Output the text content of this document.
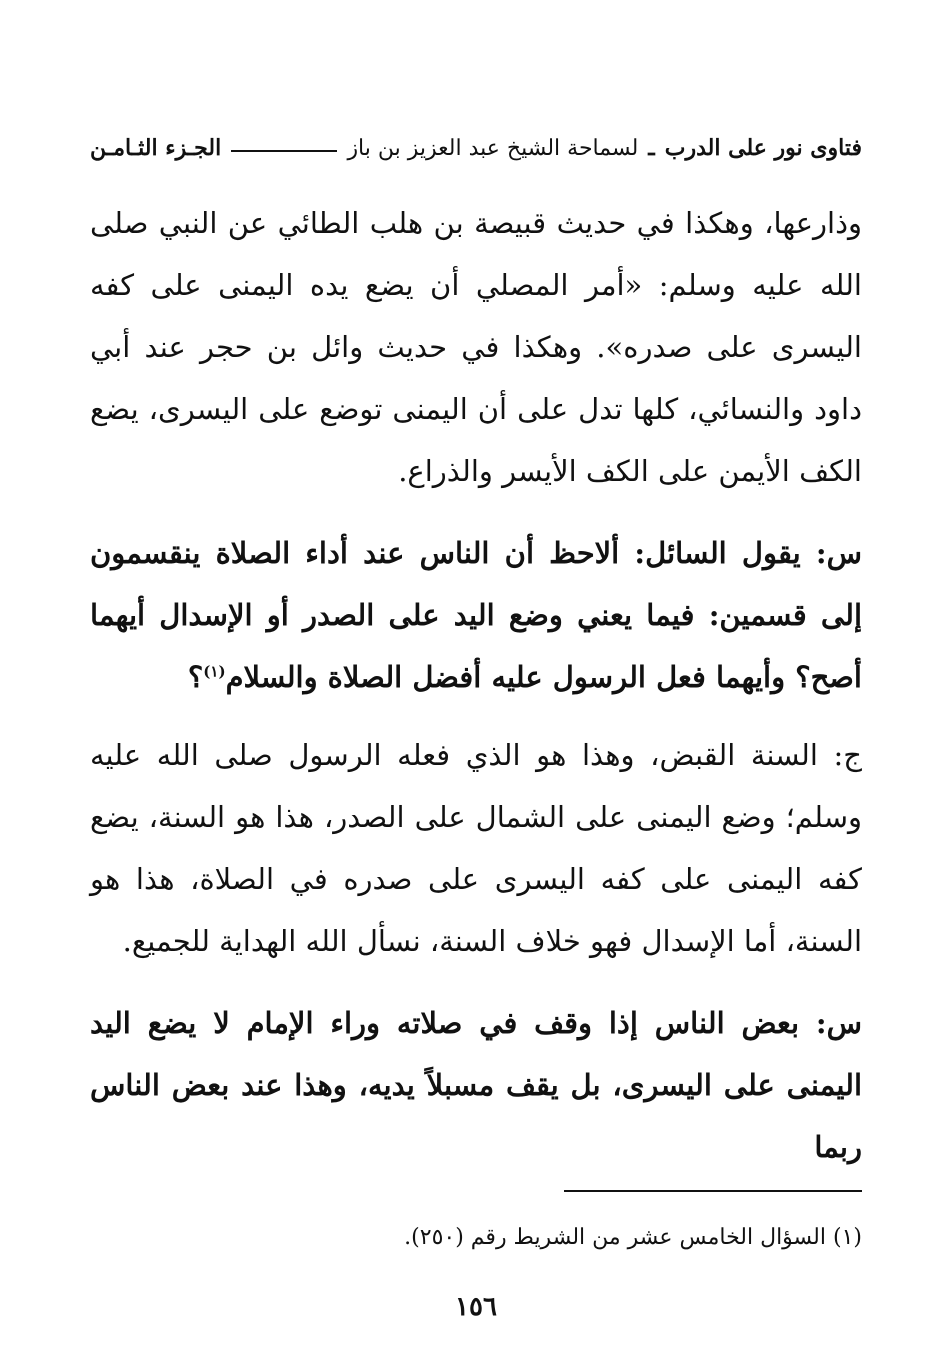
فتاوى نور على الدرب
ـ
لسماحة الشيخ عبد العزيز بن باز
الجـزء الثـامـن

وذارعها، وهكذا في حديث قبيصة بن هلب الطائي عن النبي صلى الله عليه وسلم: «أمر المصلي أن يضع يده اليمنى على كفه اليسرى على صدره». وهكذا في حديث وائل بن حجر عند أبي داود والنسائي، كلها تدل على أن اليمنى توضع على اليسرى، يضع الكف الأيمن على الكف الأيسر والذراع.

س: يقول السائل: ألاحظ أن الناس عند أداء الصلاة ينقسمون إلى قسمين: فيما يعني وضع اليد على الصدر أو الإسدال أيهما أصح؟ وأيهما فعل الرسول عليه أفضل الصلاة والسلام$^{(١)}$؟

ج: السنة القبض، وهذا هو الذي فعله الرسول صلى الله عليه وسلم؛ وضع اليمنى على الشمال على الصدر، هذا هو السنة، يضع كفه اليمنى على كفه اليسرى على صدره في الصلاة، هذا هو السنة، أما الإسدال فهو خلاف السنة، نسأل الله الهداية للجميع.

س: بعض الناس إذا وقف في صلاته وراء الإمام لا يضع اليد اليمنى على اليسرى، بل يقف مسبلاً يديه، وهذا عند بعض الناس ربما

(١) السؤال الخامس عشر من الشريط رقم (٢٥٠).
١٥٦
